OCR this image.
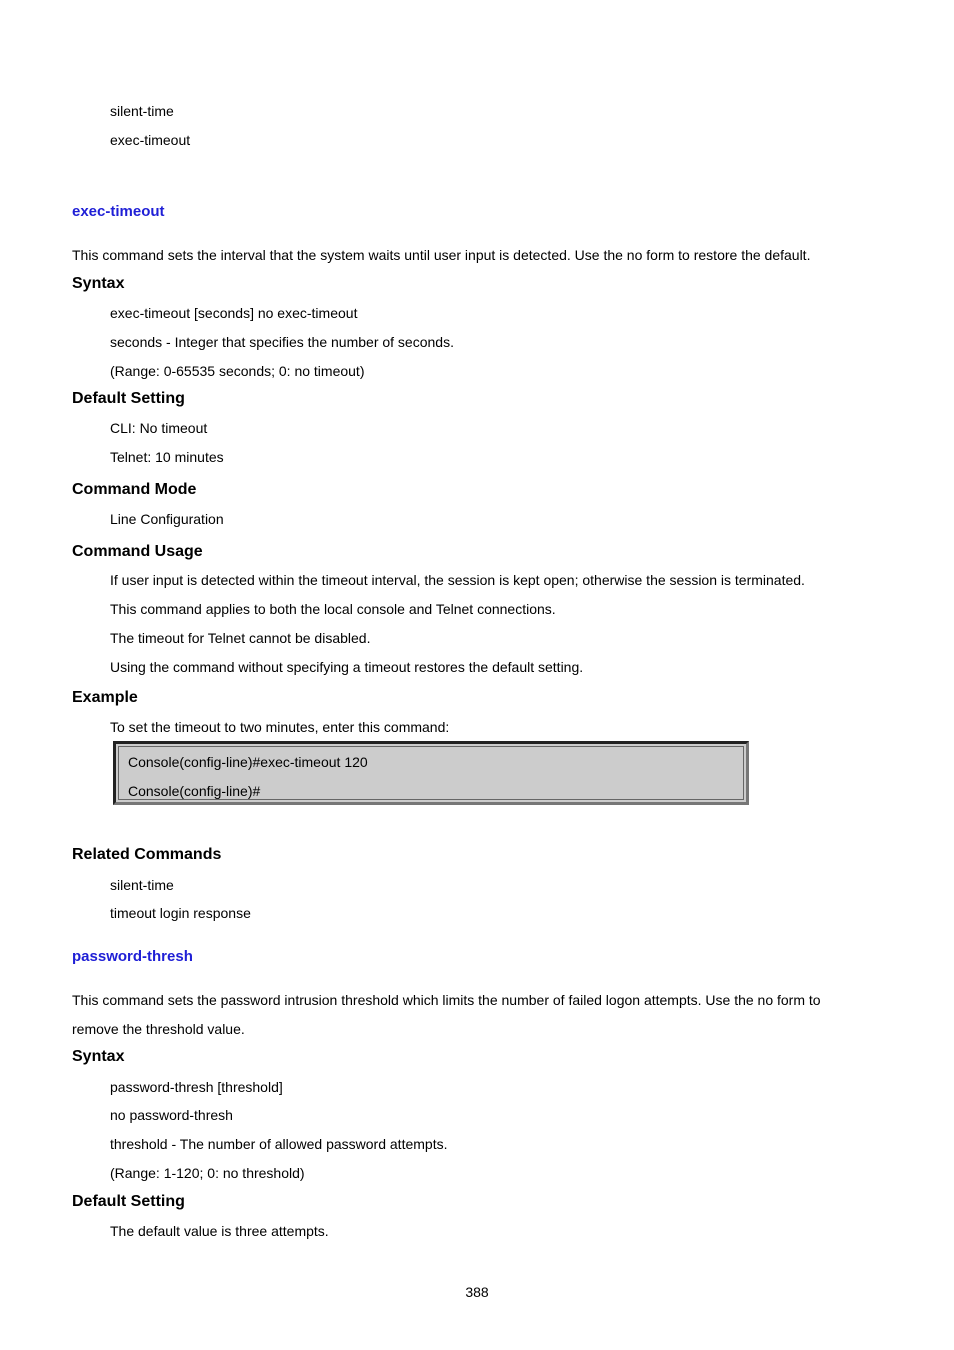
silent-time
exec-timeout
exec-timeout
This command sets the interval that the system waits until user input is detected. Use the no form to restore the default.
Syntax
exec-timeout [seconds] no exec-timeout
seconds - Integer that specifies the number of seconds.
(Range: 0-65535 seconds; 0: no timeout)
Default Setting
CLI: No timeout
Telnet: 10 minutes
Command Mode
Line Configuration
Command Usage
If user input is detected within the timeout interval, the session is kept open; otherwise the session is terminated.
This command applies to both the local console and Telnet connections.
The timeout for Telnet cannot be disabled.
Using the command without specifying a timeout restores the default setting.
Example
To set the timeout to two minutes, enter this command:
Console(config-line)#exec-timeout 120
Console(config-line)#
Related Commands
silent-time
timeout login response
password-thresh
This command sets the password intrusion threshold which limits the number of failed logon attempts. Use the no form to
remove the threshold value.
Syntax
password-thresh [threshold]
no password-thresh
threshold - The number of allowed password attempts.
(Range: 1-120; 0: no threshold)
Default Setting
The default value is three attempts.
388
